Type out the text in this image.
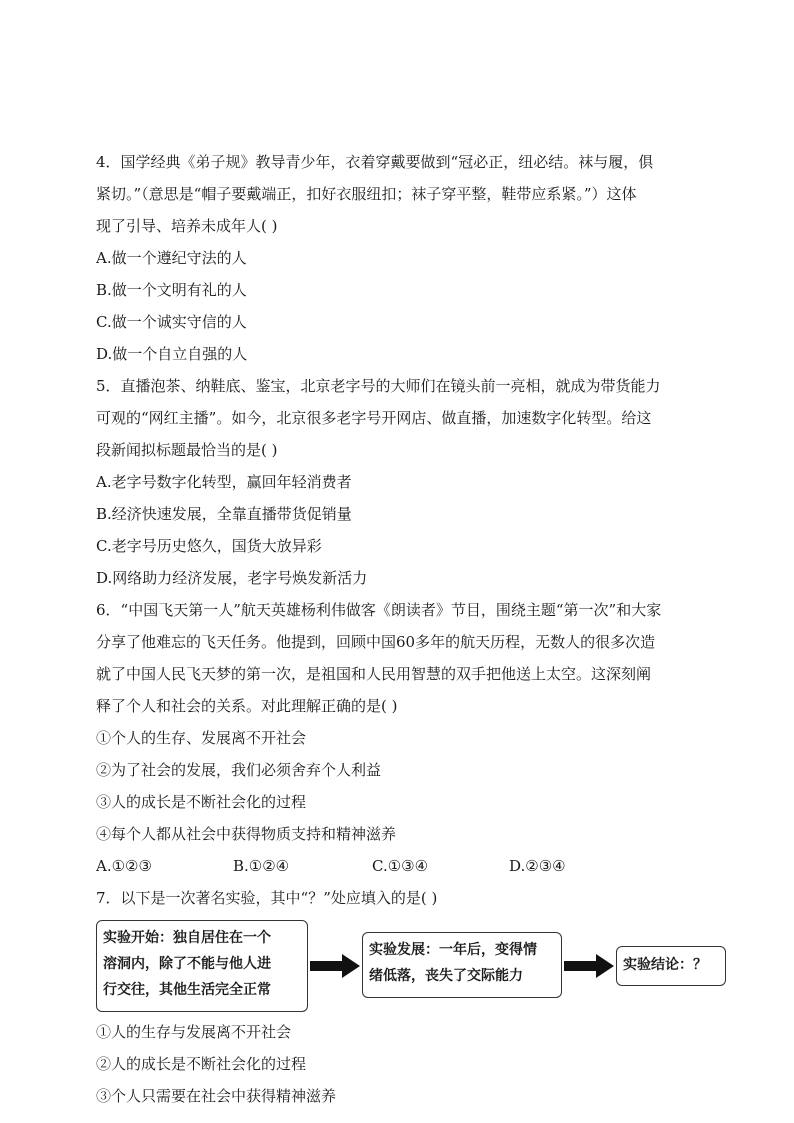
4．国学经典《弟子规》教导青少年，衣着穿戴要做到“冠必正，纽必结。袜与履，俱
紧切。”（意思是“帽子要戴端正，扣好衣服纽扣；袜子穿平整，鞋带应系紧。”）这体
现了引导、培养未成年人( )
A.做一个遵纪守法的人
B.做一个文明有礼的人
C.做一个诚实守信的人
D.做一个自立自强的人
5．直播泡茶、纳鞋底、鉴宝，北京老字号的大师们在镜头前一亮相，就成为带货能力
可观的“网红主播”。如今，北京很多老字号开网店、做直播，加速数字化转型。给这
段新闻拟标题最恰当的是( )
A.老字号数字化转型，赢回年轻消费者
B.经济快速发展，全靠直播带货促销量
C.老字号历史悠久，国货大放异彩
D.网络助力经济发展，老字号焕发新活力
6．“中国飞天第一人”航天英雄杨利伟做客《朗读者》节目，围绕主题“第一次”和大家
分享了他难忘的飞天任务。他提到，回顾中国60多年的航天历程，无数人的很多次造
就了中国人民飞天梦的第一次，是祖国和人民用智慧的双手把他送上太空。这深刻阐
释了个人和社会的关系。对此理解正确的是( )
①个人的生存、发展离不开社会
②为了社会的发展，我们必须舍弃个人利益
③人的成长是不断社会化的过程
④每个人都从社会中获得物质支持和精神滋养
A.①②③	B.①②④	C.①③④	D.②③④
7．以下是一次著名实验，其中“？”处应填入的是( )
实验开始：独自居住在一个
溶洞内，除了不能与他人进
行交往，其他生活完全正常
实验发展：一年后，变得情
绪低落，丧失了交际能力
实验结论：？
①人的生存与发展离不开社会
②人的成长是不断社会化的过程
③个人只需要在社会中获得精神滋养
